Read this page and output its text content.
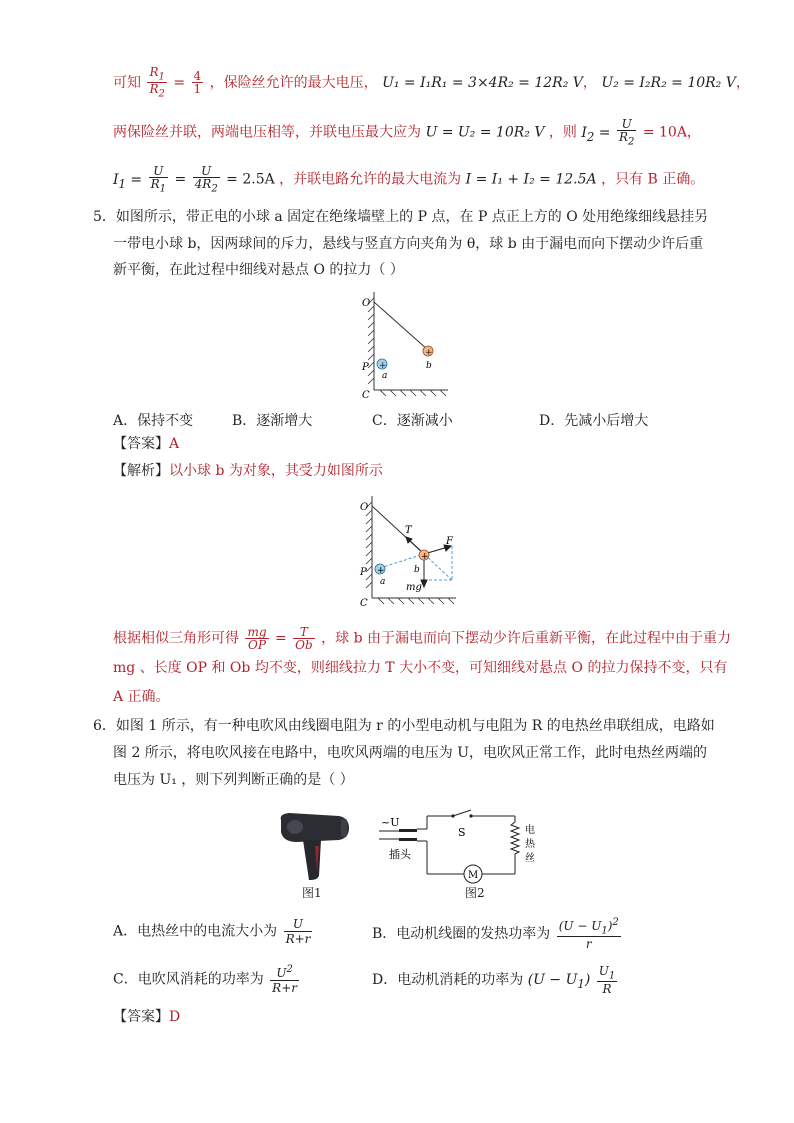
可知 $\frac{R_1}{R_2} = \frac{4}{1}$ ，保险丝允许的最大电压， U₁ = I₁R₁ = 3×4R₂ = 12R₂ V， U₂ = I₂R₂ = 10R₂ V，
两保险丝并联，两端电压相等，并联电压最大应为 U = U₂ = 10R₂ V ，则 $I_2 = \frac{U}{R_2} = 10A$，
$I_1 = \frac{U}{R_1} = \frac{U}{4R_2} = 2.5A$ ，并联电路允许的最大电流为 I = I₁ + I₂ = 12.5A ，只有 B 正确。
5．如图所示，带正电的小球 a 固定在绝缘墙壁上的 P 点，在 P 点正上方的 O 处用绝缘细线悬挂另
一带电小球 b，因两球间的斥力，悬线与竖直方向夹角为 θ，球 b 由于漏电而向下摆动少许后重
新平衡，在此过程中细线对悬点 O 的拉力（ ）
+
+
O
P
C
a
b
A．保持不变	B．逐渐增大	C．逐渐减小	D．先减小后增大
【答案】A
【解析】以小球 b 为对象，其受力如图所示
+
+
O
P
C
a
b
T
F
mg
根据相似三角形可得 $\frac{mg}{OP} = \frac{T}{Ob}$ ，球 b 由于漏电而向下摆动少许后重新平衡，在此过程中由于重力
mg 、长度 OP 和 Ob 均不变，则细线拉力 T 大小不变，可知细线对悬点 O 的拉力保持不变，只有
A 正确。
6．如图 1 所示，有一种电吹风由线圈电阻为 r 的小型电动机与电阻为 R 的电热丝串联组成，电路如
图 2 所示，将电吹风接在电路中，电吹风两端的电压为 U，电吹风正常工作，此时电热丝两端的
电压为 U₁ ，则下列判断正确的是（ ）
图1
M
~U
插头
S	电
热
丝
图2
A．电热丝中的电流大小为 $\frac{U}{R+r}$	B．电动机线圈的发热功率为 $\frac{(U - U_1)^2}{r}$
C．电吹风消耗的功率为 $\frac{U^2}{R+r}$	D．电动机消耗的功率为 $(U - U_1) \frac{U_1}{R}$
【答案】D
